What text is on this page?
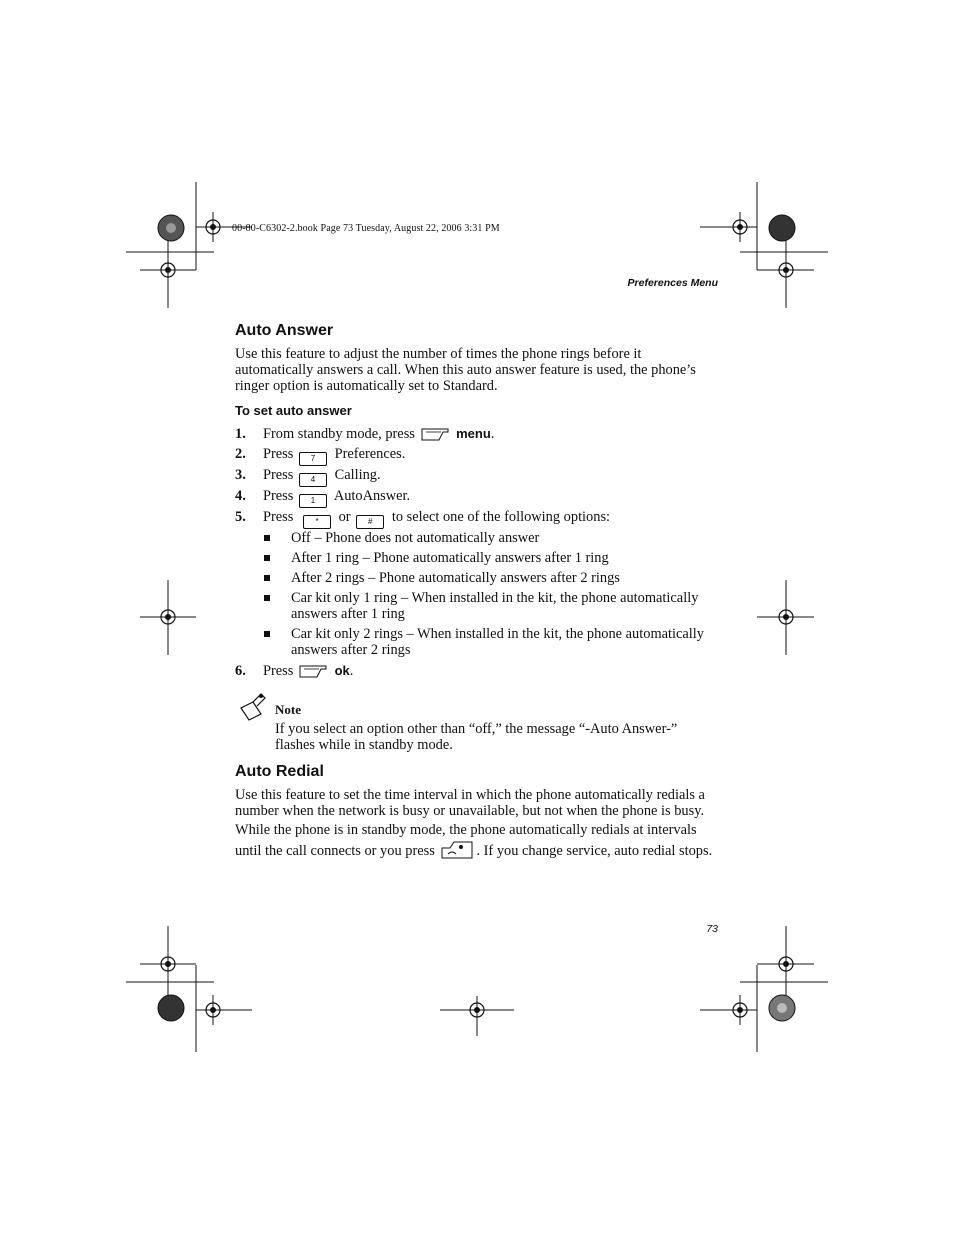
00-80-C6302-2.book Page 73 Tuesday, August 22, 2006 3:31 PM
Preferences Menu
Auto Answer

Use this feature to adjust the number of times the phone rings before it automatically answers a call. When this auto answer feature is used, the phone’s ringer option is automatically set to Standard.

To set auto answer
1.	From standby mode, press	menu.
2.	Press 7 Preferences.
3.	Press 4 Calling.
4.	Press 1 AutoAnswer.
5.	Press	* or # to select one of the following options:
Off – Phone does not automatically answer
After 1 ring – Phone automatically answers after 1 ring
After 2 rings – Phone automatically answers after 2 rings
Car kit only 1 ring – When installed in the kit, the phone automatically answers after 1 ring
Car kit only 2 rings – When installed in the kit, the phone automatically answers after 2 rings
6.	Press	ok.
Note

If you select an option other than “off,” the message “-Auto Answer-” flashes while in standby mode.

Auto Redial

Use this feature to set the time interval in which the phone automatically redials a number when the network is busy or unavailable, but not when the phone is busy.

While the phone is in standby mode, the phone automatically redials at intervals until the call connects or you press	. If you change service, auto redial stops.

73
